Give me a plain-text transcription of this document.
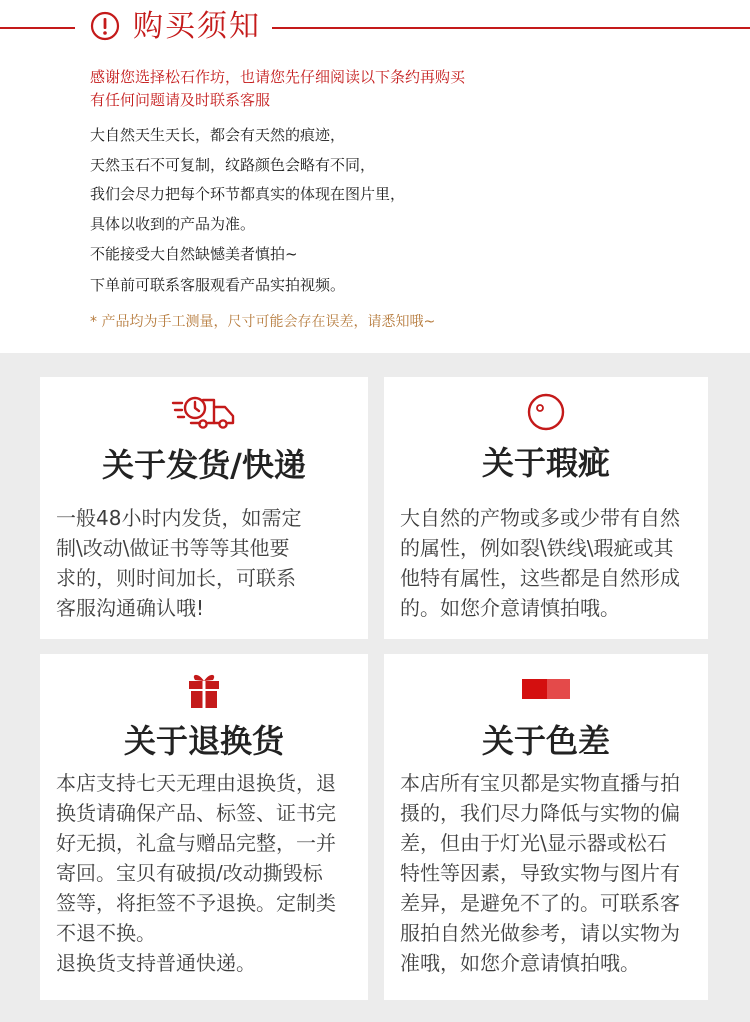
购买须知
感谢您选择松石作坊，也请您先仔细阅读以下条约再购买
有任何问题请及时联系客服
大自然天生天长，都会有天然的痕迹，
天然玉石不可复制，纹路颜色会略有不同，
我们会尽力把每个环节都真实的体现在图片里，
具体以收到的产品为准。
不能接受大自然缺憾美者慎拍~
下单前可联系客服观看产品实拍视频。
* 产品均为手工测量，尺寸可能会存在误差，请悉知哦~
关于发货/快递

一般48小时内发货，如需定

制\改动\做证书等等其他要

求的，则时间加长，可联系

客服沟通确认哦!

关于瑕疵

大自然的产物或多或少带有自然

的属性，例如裂\铁线\瑕疵或其

他特有属性，这些都是自然形成

的。如您介意请慎拍哦。

关于退换货

本店支持七天无理由退换货，退

换货请确保产品、标签、证书完

好无损，礼盒与赠品完整，一并

寄回。宝贝有破损/改动撕毁标

签等，将拒签不予退换。定制类

不退不换。

退换货支持普通快递。

关于色差

本店所有宝贝都是实物直播与拍

摄的，我们尽力降低与实物的偏

差，但由于灯光\显示器或松石

特性等因素，导致实物与图片有

差异，是避免不了的。可联系客

服拍自然光做参考，请以实物为

准哦，如您介意请慎拍哦。
